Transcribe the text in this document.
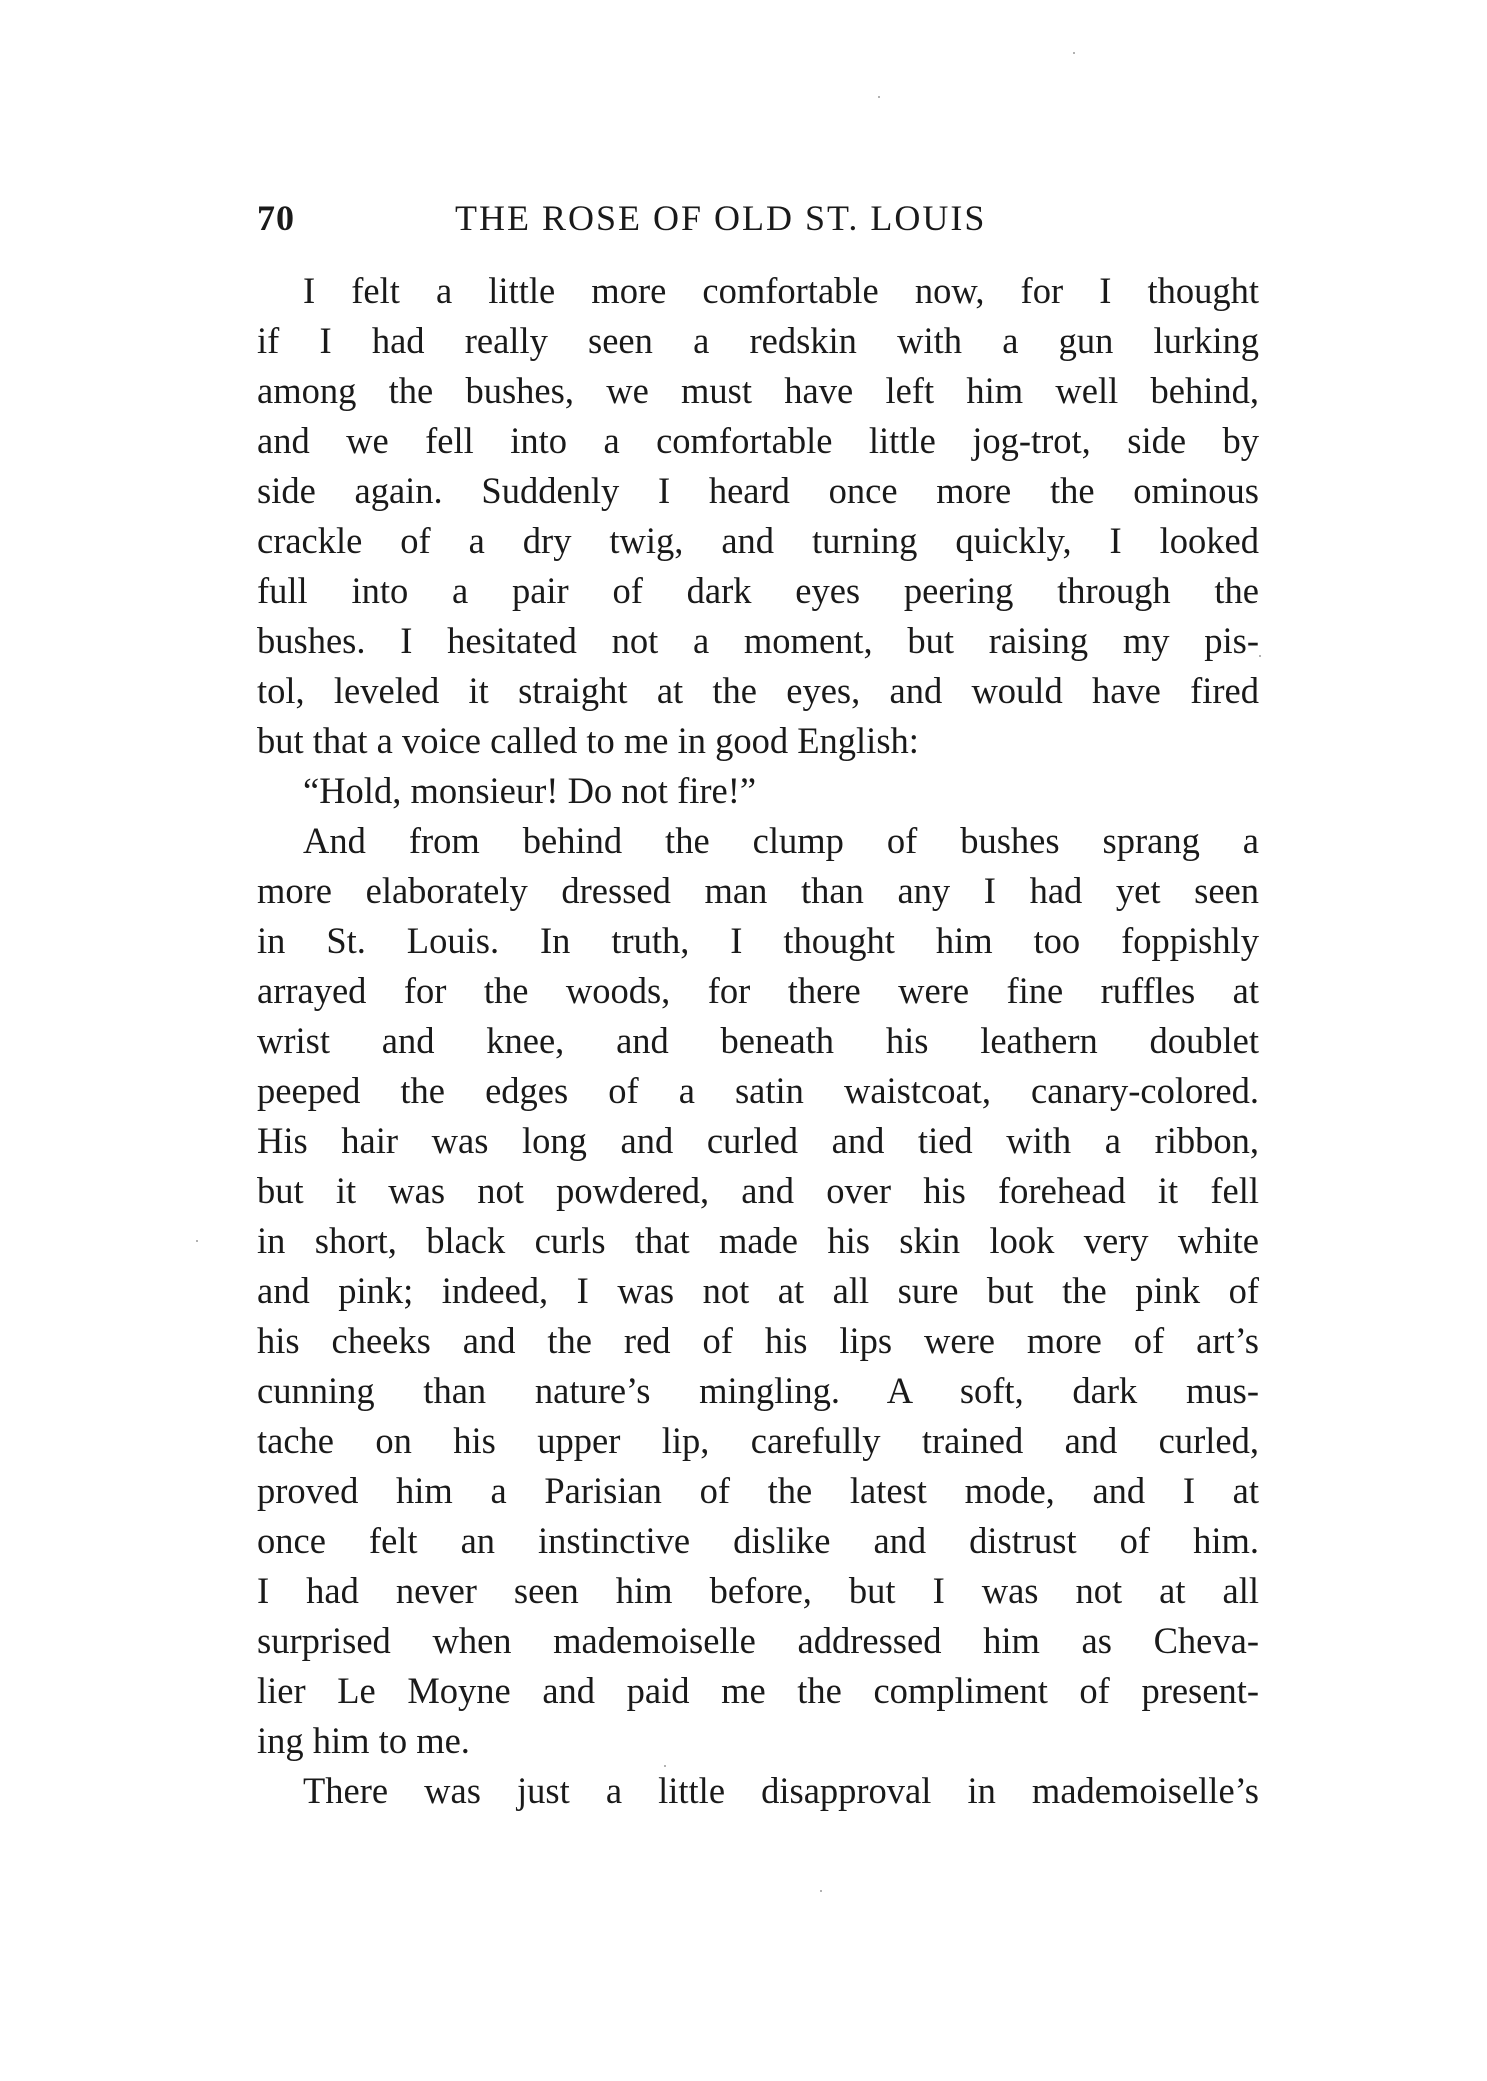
70	THE ROSE OF OLD ST. LOUIS
I felt a little more comfortable now, for I thought
if I had really seen a redskin with a gun lurking
among the bushes, we must have left him well behind,
and we fell into a comfortable little jog-trot, side by
side again. Suddenly I heard once more the ominous
crackle of a dry twig, and turning quickly, I looked
full into a pair of dark eyes peering through the
bushes. I hesitated not a moment, but raising my pis-
tol, leveled it straight at the eyes, and would have fired
but that a voice called to me in good English:
“Hold, monsieur! Do not fire!”
And from behind the clump of bushes sprang a
more elaborately dressed man than any I had yet seen
in St. Louis. In truth, I thought him too foppishly
arrayed for the woods, for there were fine ruffles at
wrist and knee, and beneath his leathern doublet
peeped the edges of a satin waistcoat, canary-colored.
His hair was long and curled and tied with a ribbon,
but it was not powdered, and over his forehead it fell
in short, black curls that made his skin look very white
and pink; indeed, I was not at all sure but the pink of
his cheeks and the red of his lips were more of art’s
cunning than nature’s mingling. A soft, dark mus-
tache on his upper lip, carefully trained and curled,
proved him a Parisian of the latest mode, and I at
once felt an instinctive dislike and distrust of him.
I had never seen him before, but I was not at all
surprised when mademoiselle addressed him as Cheva-
lier Le Moyne and paid me the compliment of present-
ing him to me.
There was just a little disapproval in mademoiselle’s
